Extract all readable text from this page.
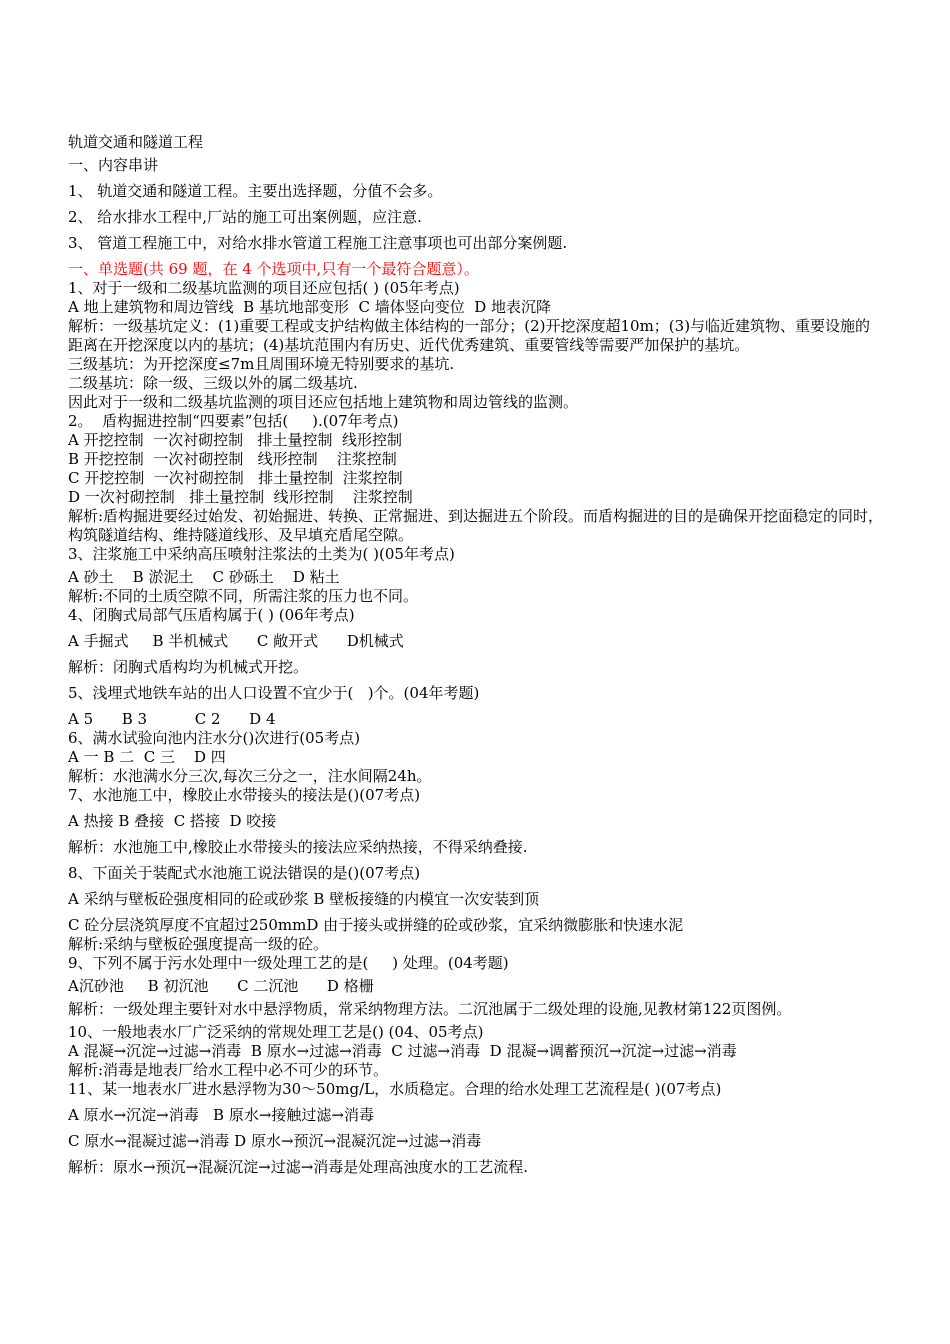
轨道交通和隧道工程
一、内容串讲
1、 轨道交通和隧道工程。主要出选择题，分值不会多。
2、 给水排水工程中,厂站的施工可出案例题，应注意.
3、 管道工程施工中，对给水排水管道工程施工注意事项也可出部分案例题.
一、单选题(共 69 题，在 4 个选项中,只有一个最符合题意）。
1、对于一级和二级基坑监测的项目还应包括( ) (05年考点)
A 地上建筑物和周边管线  B 基坑地部变形  C 墙体竖向变位  D 地表沉降
解析：一级基坑定义：(1)重要工程或支护结构做主体结构的一部分；(2)开挖深度超10m；(3)与临近建筑物、重要设施的距离在开挖深度以内的基坑；(4)基坑范围内有历史、近代优秀建筑、重要管线等需要严加保护的基坑。
三级基坑：为开挖深度≤7m且周围环境无特别要求的基坑.
二级基坑：除一级、三级以外的属二级基坑.
因此对于一级和二级基坑监测的项目还应包括地上建筑物和周边管线的监测。
2。  盾构掘进控制“四要素”包括(     ).(07年考点)
A 开挖控制  一次衬砌控制   排土量控制  线形控制
B 开挖控制  一次衬砌控制   线形控制    注浆控制
C 开挖控制  一次衬砌控制   排土量控制  注浆控制
D 一次衬砌控制   排土量控制  线形控制    注浆控制
解析:盾构掘进要经过始发、初始掘进、转换、正常掘进、到达掘进五个阶段。而盾构掘进的目的是确保开挖面稳定的同时，构筑隧道结构、维持隧道线形、及早填充盾尾空隙。
3、注浆施工中采纳高压喷射注浆法的土类为( )(05年考点)
A 砂土    B 淤泥土    C 砂砾土    D 粘土
解析:不同的土质空隙不同，所需注浆的压力也不同。
4、闭胸式局部气压盾构属于( ) (06年考点)
A 手掘式     B 半机械式      C 敞开式      D机械式
解析：闭胸式盾构均为机械式开挖。
5、浅埋式地铁车站的出人口设置不宜少于(   )个。(04年考题)
A 5      B 3          C 2      D 4
6、满水试验向池内注水分()次进行(05考点)
A 一 B 二  C 三    D 四
解析：水池满水分三次,每次三分之一，注水间隔24h。
7、水池施工中，橡胶止水带接头的接法是()(07考点)
A 热接 B 叠接  C 搭接  D 咬接
解析：水池施工中,橡胶止水带接头的接法应采纳热接，不得采纳叠接.
8、下面关于装配式水池施工说法错误的是()(07考点)
A 采纳与壁板砼强度相同的砼或砂浆 B 壁板接缝的内模宜一次安装到顶
C 砼分层浇筑厚度不宜超过250mmD 由于接头或拼缝的砼或砂浆，宜采纳微膨胀和快速水泥
解析:采纳与壁板砼强度提高一级的砼。
9、下列不属于污水处理中一级处理工艺的是(     ) 处理。(04考题)
A沉砂池     B 初沉池      C 二沉池      D 格栅
解析：一级处理主要针对水中悬浮物质，常采纳物理方法。二沉池属于二级处理的设施,见教材第122页图例。
10、一般地表水厂广泛采纳的常规处理工艺是() (04、05考点)
A 混凝→沉淀→过滤→消毒  B 原水→过滤→消毒  C 过滤→消毒  D 混凝→调蓄预沉→沉淀→过滤→消毒
解析:消毒是地表厂给水工程中必不可少的环节。
11、某一地表水厂进水悬浮物为30～50mg/L，水质稳定。合理的给水处理工艺流程是( )(07考点)
A 原水→沉淀→消毒   B 原水→接触过滤→消毒
C 原水→混凝过滤→消毒 D 原水→预沉→混凝沉淀→过滤→消毒
解析：原水→预沉→混凝沉淀→过滤→消毒是处理高浊度水的工艺流程.
